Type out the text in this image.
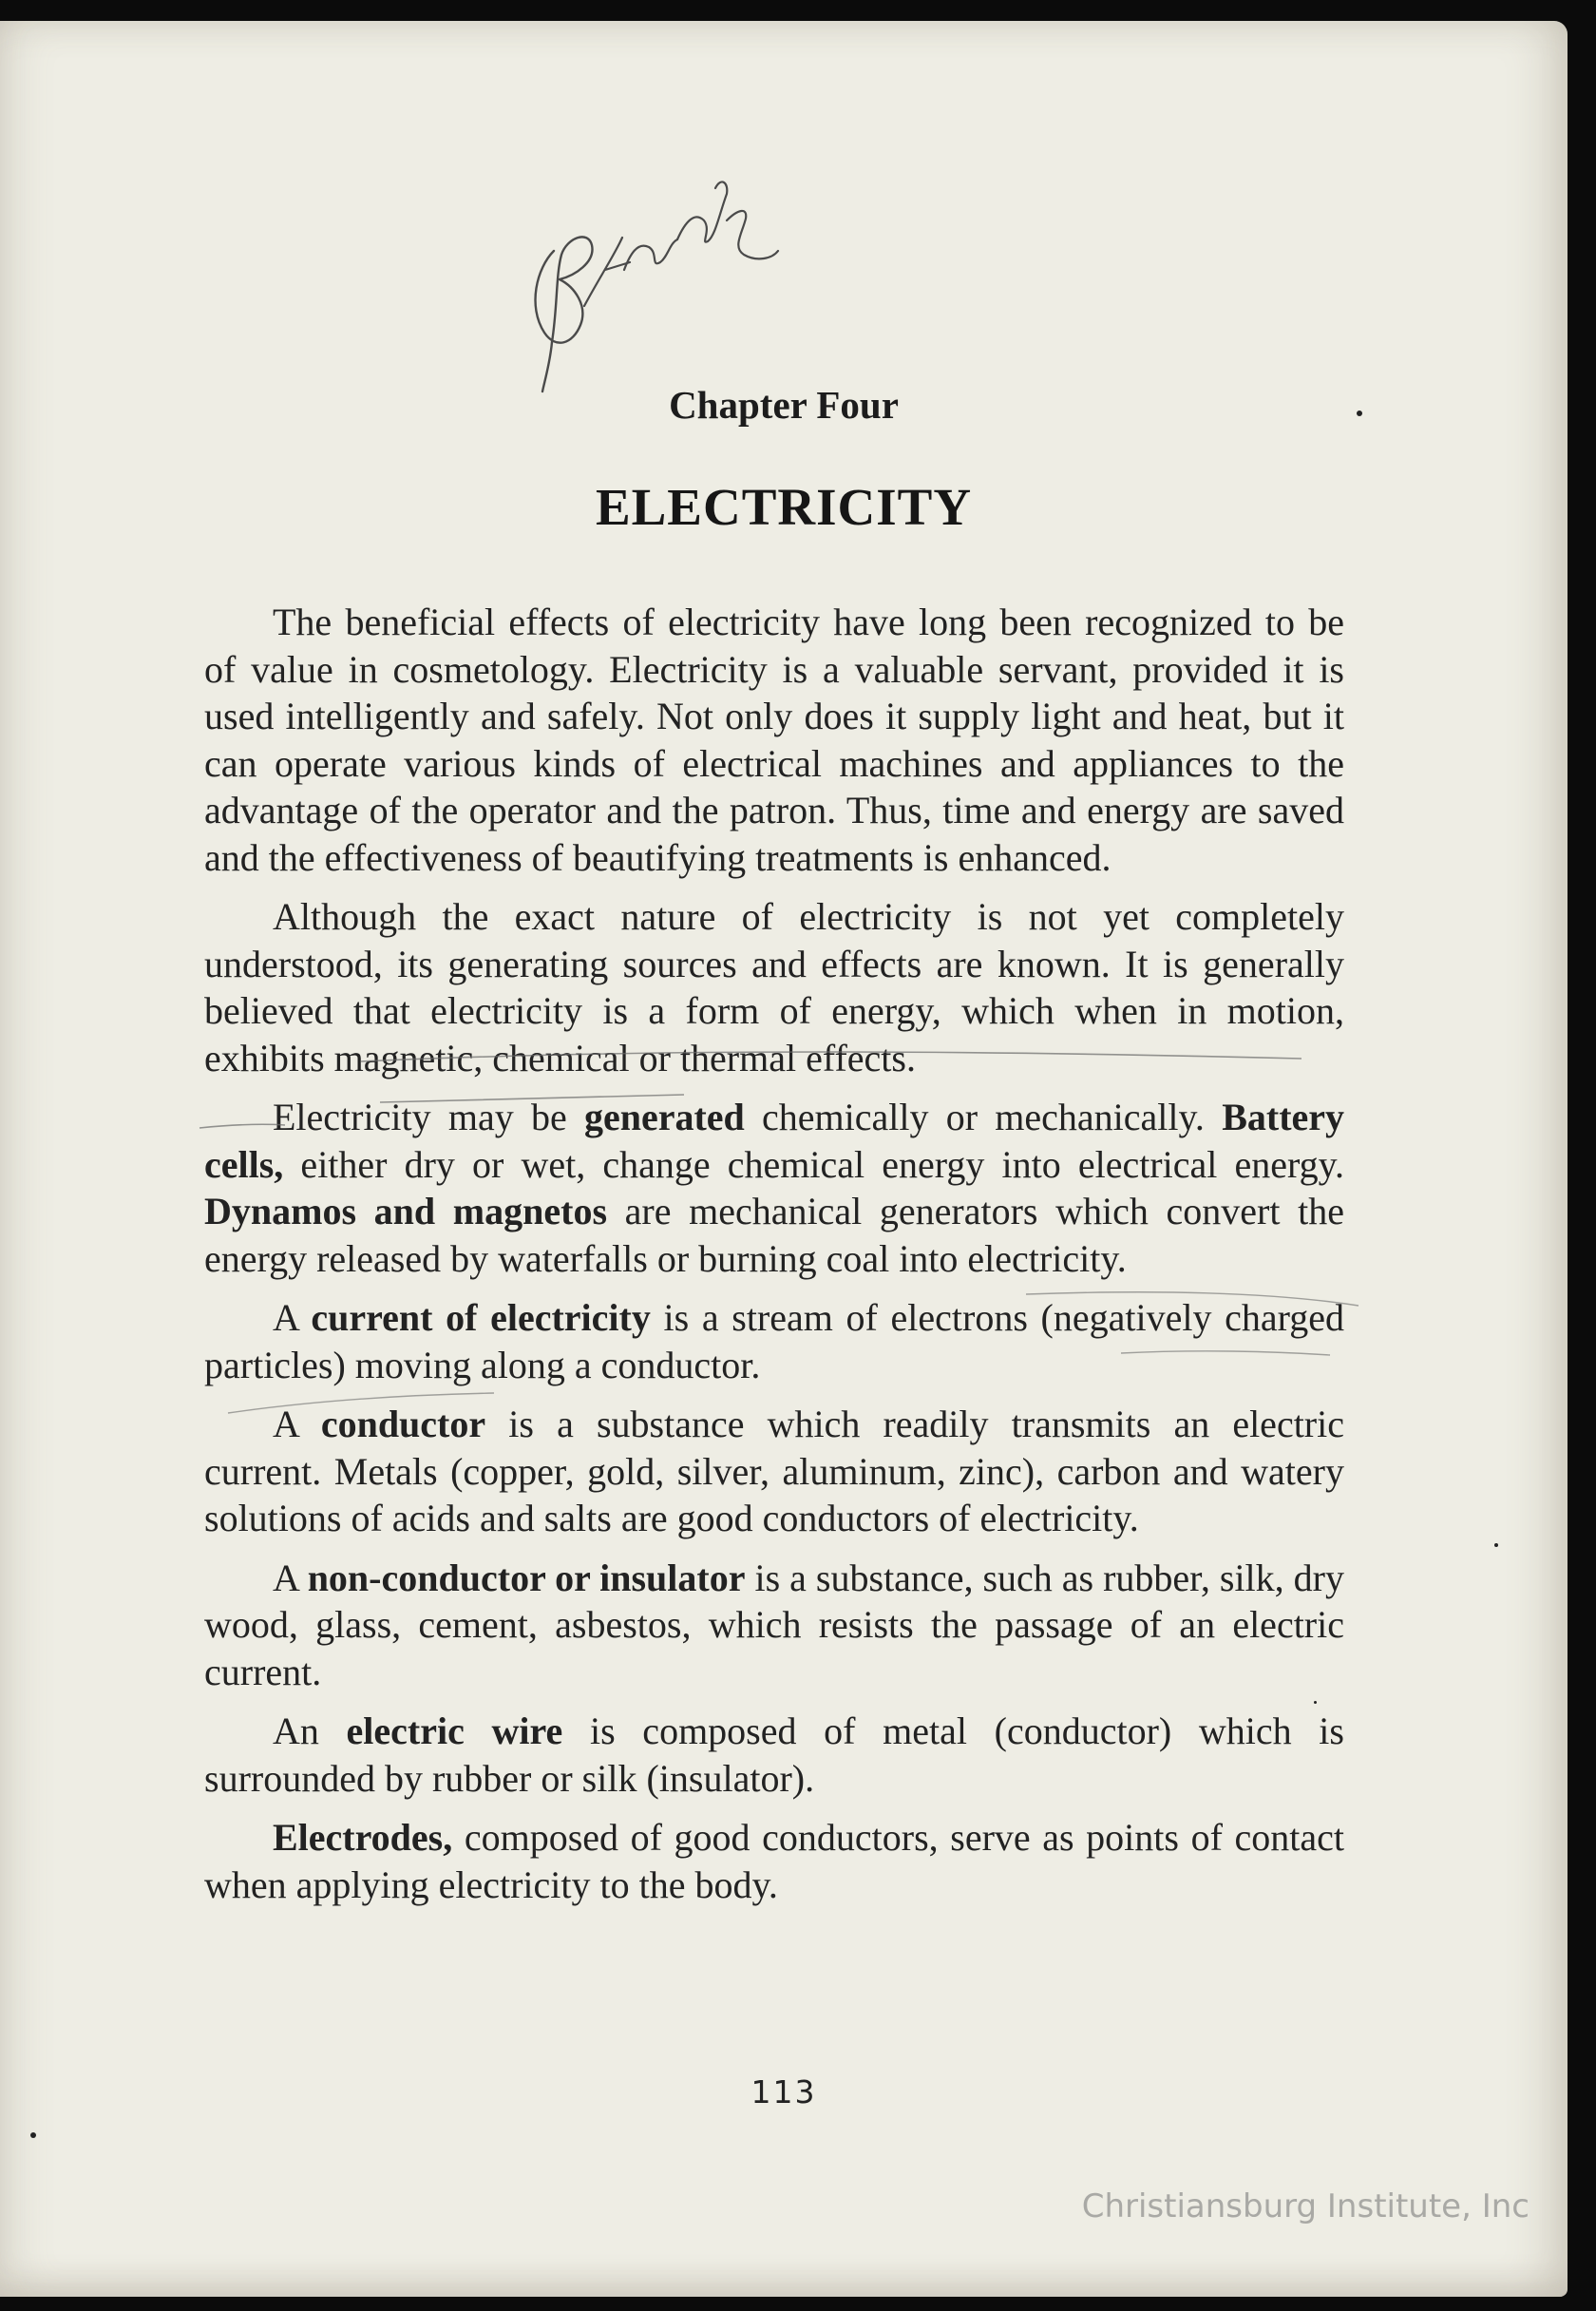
Chapter Four
ELECTRICITY

The beneficial effects of electricity have long been recognized to be of value in cosmetology. Electricity is a valuable servant, provided it is used intelligently and safely. Not only does it supply light and heat, but it can operate various kinds of electrical machines and appliances to the advantage of the operator and the patron. Thus, time and energy are saved and the effectiveness of beautifying treatments is enhanced.

Although the exact nature of electricity is not yet completely understood, its generating sources and effects are known. It is generally believed that electricity is a form of energy, which when in motion, exhibits magnetic, chemical or thermal effects.

Electricity may be generated chemically or mechanically. Battery cells, either dry or wet, change chemical energy into electrical energy. Dynamos and magnetos are mechanical generators which convert the energy released by waterfalls or burning coal into electricity.

A current of electricity is a stream of electrons (negatively charged particles) moving along a conductor.

A conductor is a substance which readily transmits an electric current. Metals (copper, gold, silver, aluminum, zinc), carbon and watery solutions of acids and salts are good conductors of electricity.

A non-conductor or insulator is a substance, such as rubber, silk, dry wood, glass, cement, asbestos, which resists the passage of an electric current.

An electric wire is composed of metal (conductor) which is surrounded by rubber or silk (insulator).

Electrodes, composed of good conductors, serve as points of contact when applying electricity to the body.

113
Christiansburg Institute, Inc
